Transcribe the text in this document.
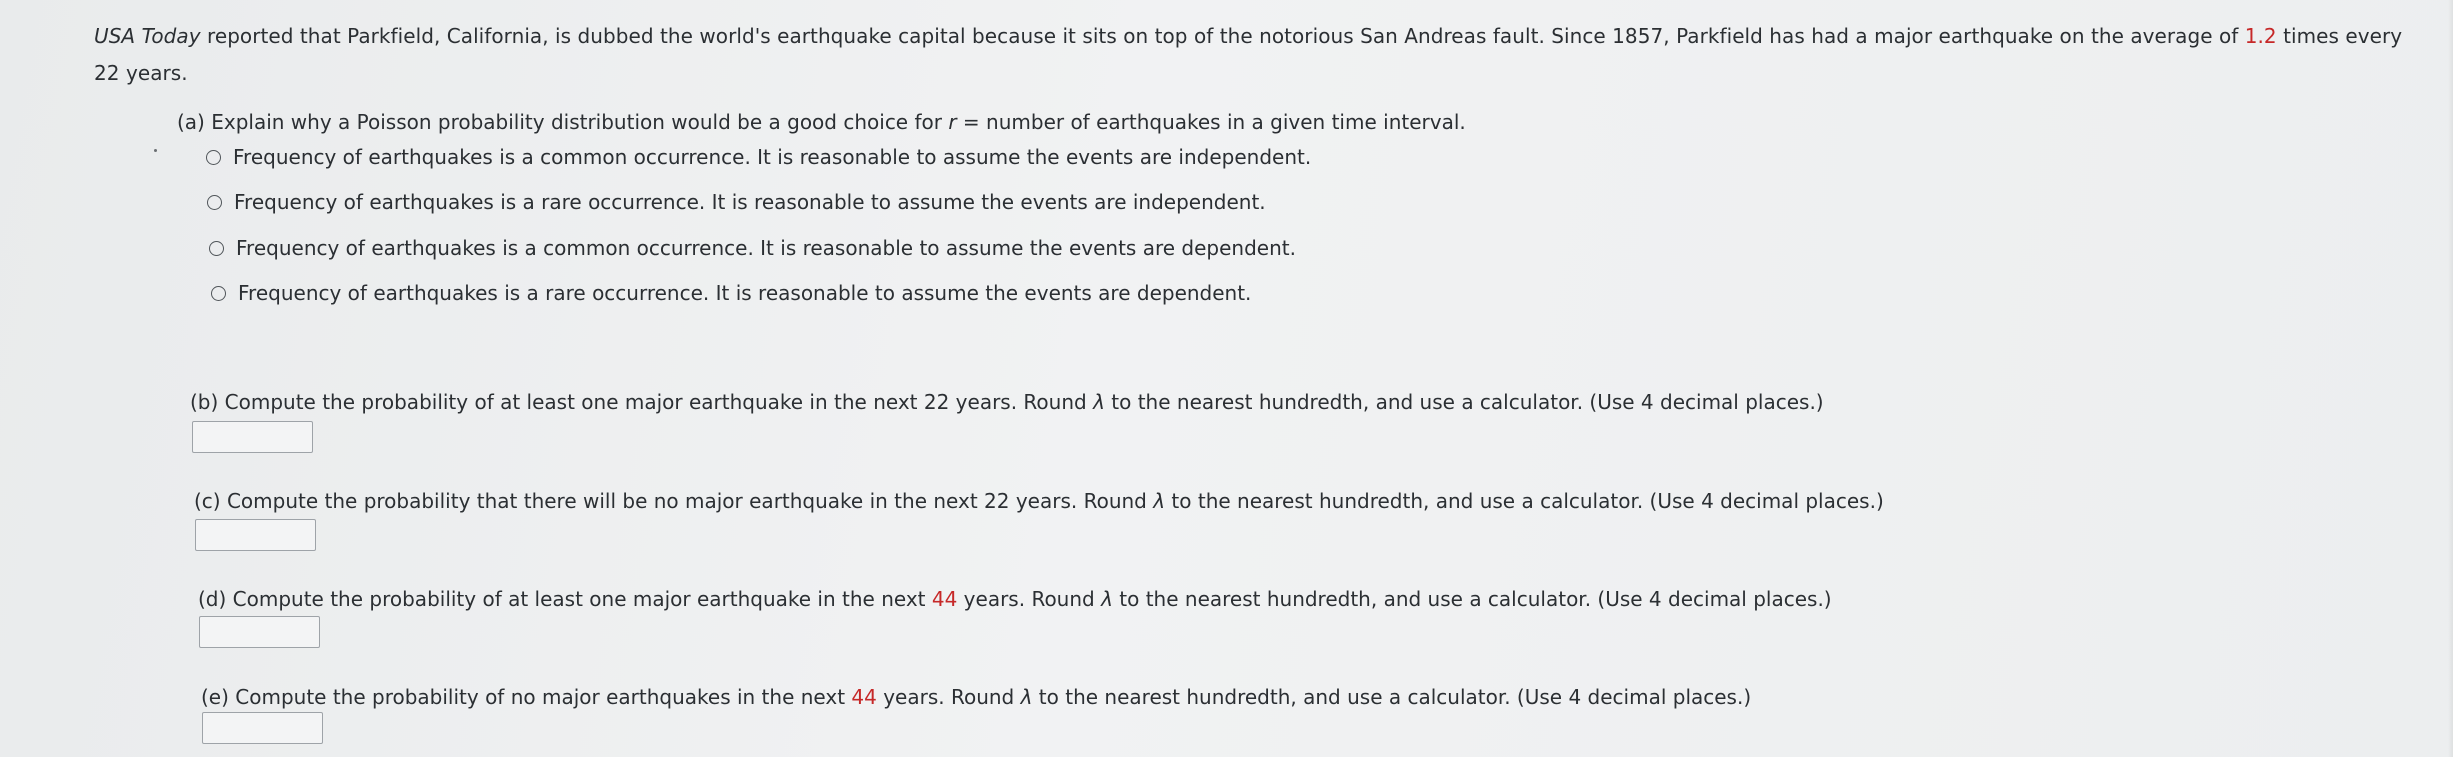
USA Today reported that Parkfield, California, is dubbed the world's earthquake capital because it sits on top of the notorious San Andreas fault. Since 1857, Parkfield has had a major earthquake on the average of 1.2 times every 22 years.
(a) Explain why a Poisson probability distribution would be a good choice for r = number of earthquakes in a given time interval.
Frequency of earthquakes is a common occurrence. It is reasonable to assume the events are independent.
Frequency of earthquakes is a rare occurrence. It is reasonable to assume the events are independent.
Frequency of earthquakes is a common occurrence. It is reasonable to assume the events are dependent.
Frequency of earthquakes is a rare occurrence. It is reasonable to assume the events are dependent.
(b) Compute the probability of at least one major earthquake in the next 22 years. Round λ to the nearest hundredth, and use a calculator. (Use 4 decimal places.)
(c) Compute the probability that there will be no major earthquake in the next 22 years. Round λ to the nearest hundredth, and use a calculator. (Use 4 decimal places.)
(d) Compute the probability of at least one major earthquake in the next 44 years. Round λ to the nearest hundredth, and use a calculator. (Use 4 decimal places.)
(e) Compute the probability of no major earthquakes in the next 44 years. Round λ to the nearest hundredth, and use a calculator. (Use 4 decimal places.)
